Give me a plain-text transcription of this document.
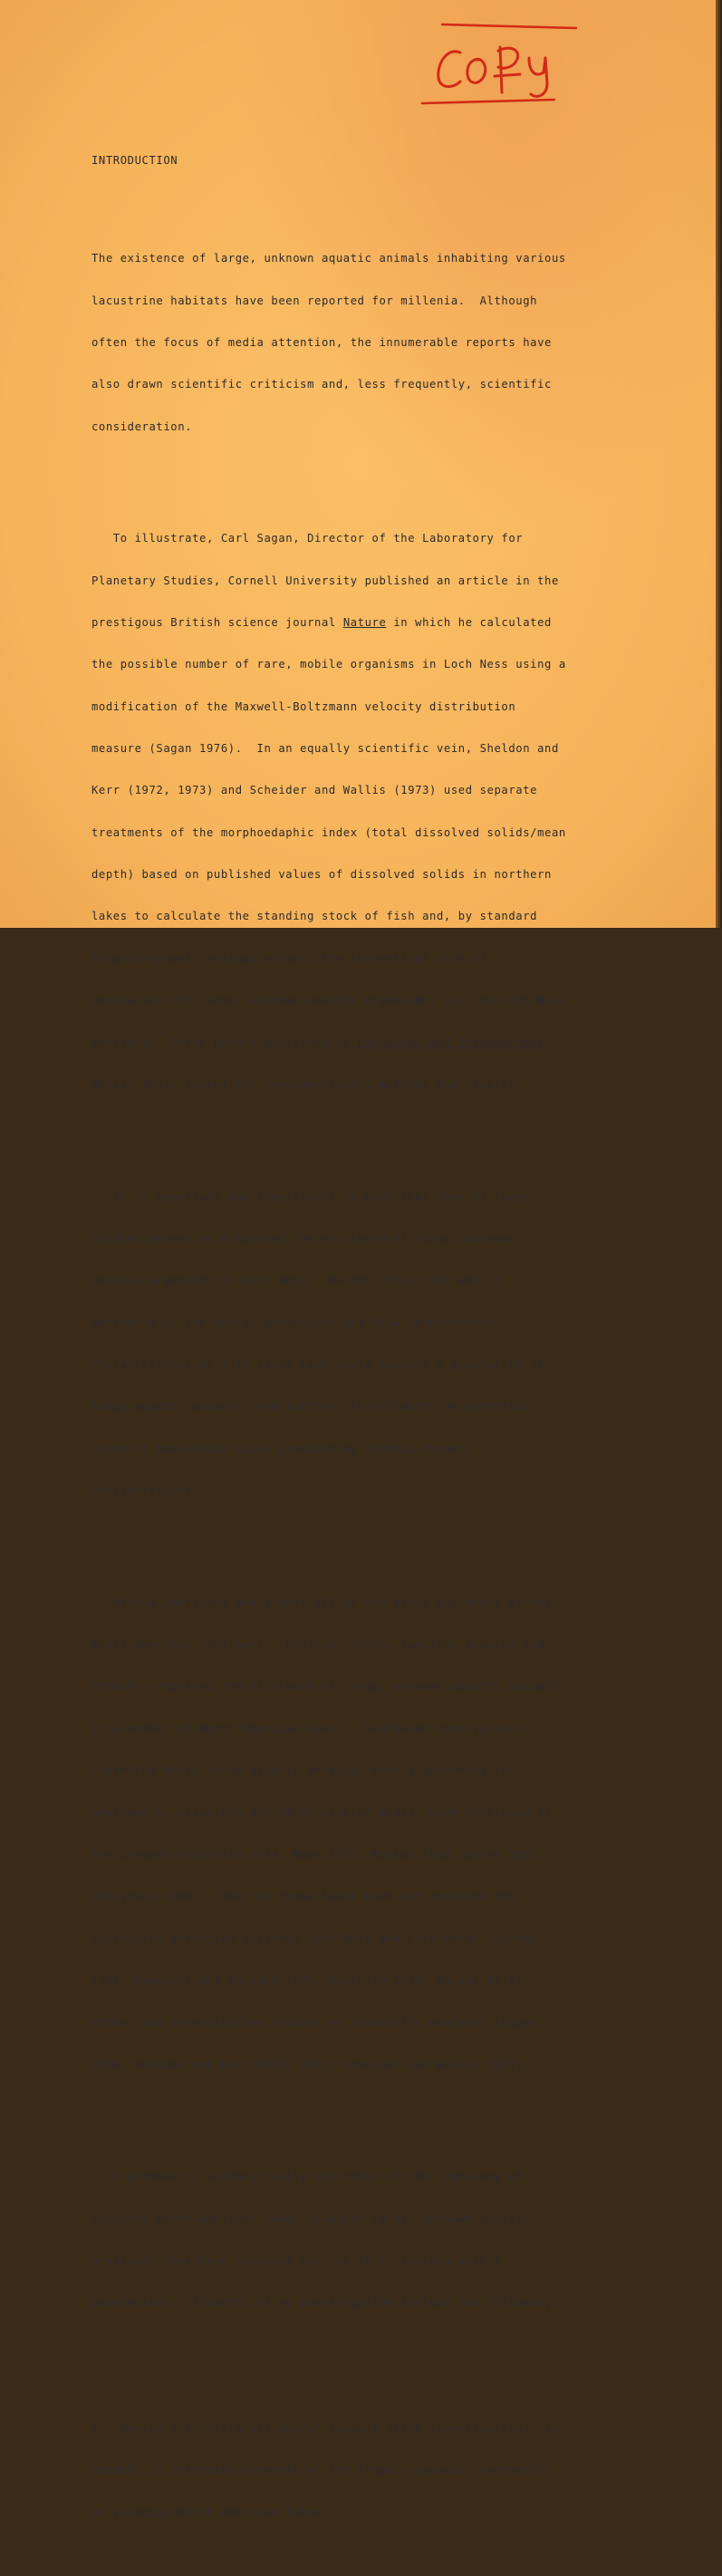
INTRODUCTION

The existence of large, unknown aquatic animals inhabiting various

lacustrine habitats have been reported for millenia.  Although

often the focus of media attention, the innumerable reports have

also drawn scientific criticism and, less frequently, scientific

consideration.

To illustrate, Carl Sagan, Director of the Laboratory for

Planetary Studies, Cornell University published an article in the

prestigous British science journal Nature in which he calculated

the possible number of rare, mobile organisms in Loch Ness using a

modification of the Maxwell-Boltzmann velocity distribution

measure (Sagan 1976).  In an equally scientific vein, Sheldon and

Kerr (1972, 1973) and Scheider and Wallis (1973) used separate

treatments of the morphoedaphic index (total dissolved solids/mean

depth) based on published values of dissolved solids in northern

lakes to calculate the standing stock of fish and, by standard

trophic-dynamic extrapolations, the theoretical size of

populations of large, unknown aquatic organisms, ie, the Loch Ness

monsters.  Three papers published in Limnology and Oceanography

detail their scientific considerations, methods and results.

It is important and significant to note that none of these

studies proved or disproved the existence of large, unknown

aquatic organisms in Loch Ness.  Rather, their aim was to

determine if the energy production and flow compartments

characteristic of this large loch could support a population of

large aquatic animals, and further, to estimate the potential

range of population sizes provided by trophic-dynamic

considerations.

Native Americans and almost all of the early explorers of the

North American continent---English, Dutch, Swedish, Spanish and

French---reported the existance of large, unknown aquatic animals

in a number of North American lakes.  Scattered observations

regarding these large aquatic animals, mostly appearing in

newspapers, magazines and other popular media, have continued to

the present (Costello 1974, Moon 1977, Mackal 1980, Roush 1987,

Zarzynski 1988).  Most of these lakes have not received the

scientific attention accorded Loch Ness and Loch Morar (Burton

1961, Campbell and Solomon 1973, Costello 1974, Mackal 1976),

either via investigative studies or scientific analyses (Sagan

1976, Sheldon and Kerr 1972, 1973, Scheider and Wallis 1973).

I propose to scientifically determine if the limnology of

selected North American lakes in which large, unknown aquatic

organisms have been reported can, in fact, sustain viable

populations.  Elements of my investigation include the following:

1)  Review the literature and/or conduct field investigations, as

needed, to determine elements of the trophic-dynamics energetics

of selected North American lakes.
